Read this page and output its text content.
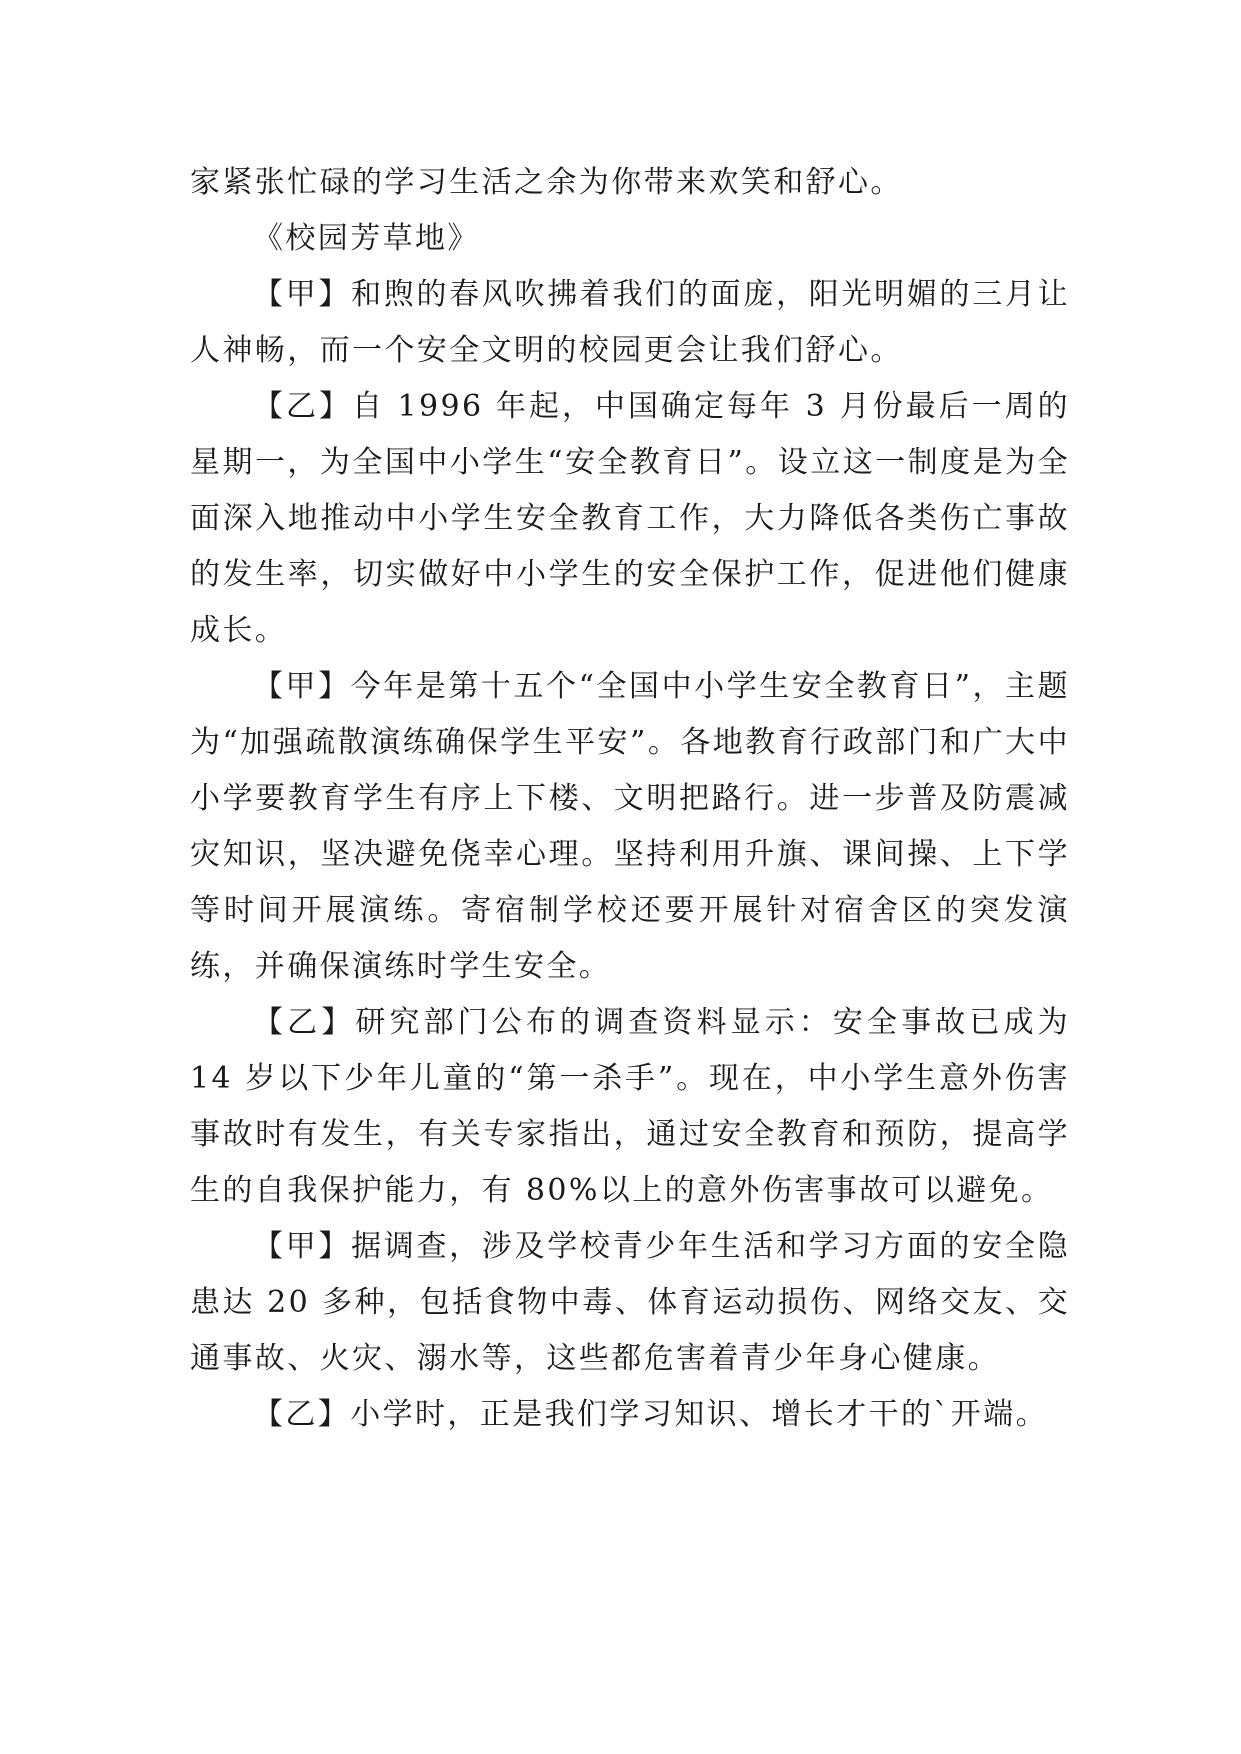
家紧张忙碌的学习生活之余为你带来欢笑和舒心。

《校园芳草地》

【甲】和煦的春风吹拂着我们的面庞，阳光明媚的三月让人神畅，而一个安全文明的校园更会让我们舒心。

【乙】自 1996 年起，中国确定每年 3 月份最后一周的星期一，为全国中小学生“安全教育日”。设立这一制度是为全面深入地推动中小学生安全教育工作，大力降低各类伤亡事故的发生率，切实做好中小学生的安全保护工作，促进他们健康成长。

【甲】今年是第十五个“全国中小学生安全教育日”，主题为“加强疏散演练确保学生平安”。各地教育行政部门和广大中小学要教育学生有序上下楼、文明把路行。进一步普及防震减灾知识，坚决避免侥幸心理。坚持利用升旗、课间操、上下学等时间开展演练。寄宿制学校还要开展针对宿舍区的突发演练，并确保演练时学生安全。

【乙】研究部门公布的调查资料显示：安全事故已成为14 岁以下少年儿童的“第一杀手”。现在，中小学生意外伤害事故时有发生，有关专家指出，通过安全教育和预防，提高学生的自我保护能力，有 80%以上的意外伤害事故可以避免。

【甲】据调查，涉及学校青少年生活和学习方面的安全隐患达 20 多种，包括食物中毒、体育运动损伤、网络交友、交通事故、火灾、溺水等，这些都危害着青少年身心健康。

【乙】小学时，正是我们学习知识、增长才干的`开端。
